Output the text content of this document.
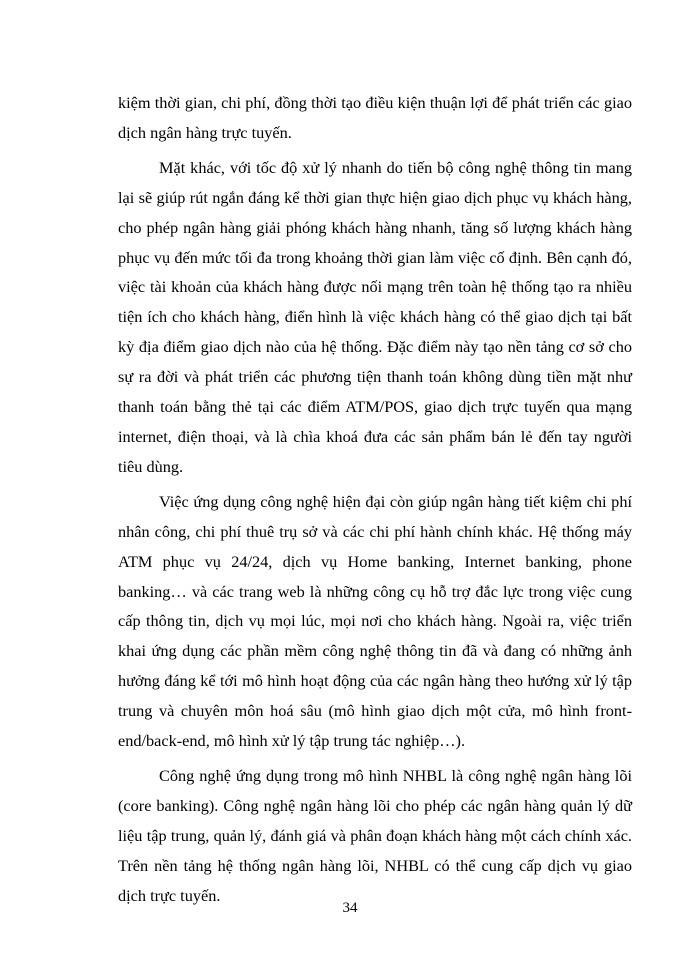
kiệm thời gian, chi phí, đồng thời tạo điều kiện thuận lợi để phát triển các giao dịch ngân hàng trực tuyến.

Mặt khác, với tốc độ xử lý nhanh do tiến bộ công nghệ thông tin mang lại sẽ giúp rút ngắn đáng kể thời gian thực hiện giao dịch phục vụ khách hàng, cho phép ngân hàng giải phóng khách hàng nhanh, tăng số lượng khách hàng phục vụ đến mức tối đa trong khoảng thời gian làm việc cố định. Bên cạnh đó, việc tài khoản của khách hàng được nối mạng trên toàn hệ thống tạo ra nhiều tiện ích cho khách hàng, điển hình là việc khách hàng có thể giao dịch tại bất kỳ địa điểm giao dịch nào của hệ thống. Đặc điểm này tạo nền tảng cơ sở cho sự ra đời và phát triển các phương tiện thanh toán không dùng tiền mặt như thanh toán bằng thẻ tại các điểm ATM/POS, giao dịch trực tuyến qua mạng internet, điện thoại, và là chìa khoá đưa các sản phẩm bán lẻ đến tay người tiêu dùng.

Việc ứng dụng công nghệ hiện đại còn giúp ngân hàng tiết kiệm chi phí nhân công, chi phí thuê trụ sở và các chi phí hành chính khác. Hệ thống máy ATM phục vụ 24/24, dịch vụ Home banking, Internet banking, phone banking… và các trang web là những công cụ hỗ trợ đắc lực trong việc cung cấp thông tin, dịch vụ mọi lúc, mọi nơi cho khách hàng. Ngoài ra, việc triển khai ứng dụng các phần mềm công nghệ thông tin đã và đang có những ảnh hưởng đáng kể tới mô hình hoạt động của các ngân hàng theo hướng xử lý tập trung và chuyên môn hoá sâu (mô hình giao dịch một cửa, mô hình front-end/back-end, mô hình xử lý tập trung tác nghiệp…).

Công nghệ ứng dụng trong mô hình NHBL là công nghệ ngân hàng lõi (core banking). Công nghệ ngân hàng lõi cho phép các ngân hàng quản lý dữ liệu tập trung, quản lý, đánh giá và phân đoạn khách hàng một cách chính xác. Trên nền tảng hệ thống ngân hàng lõi, NHBL có thể cung cấp dịch vụ giao dịch trực tuyến.

34
